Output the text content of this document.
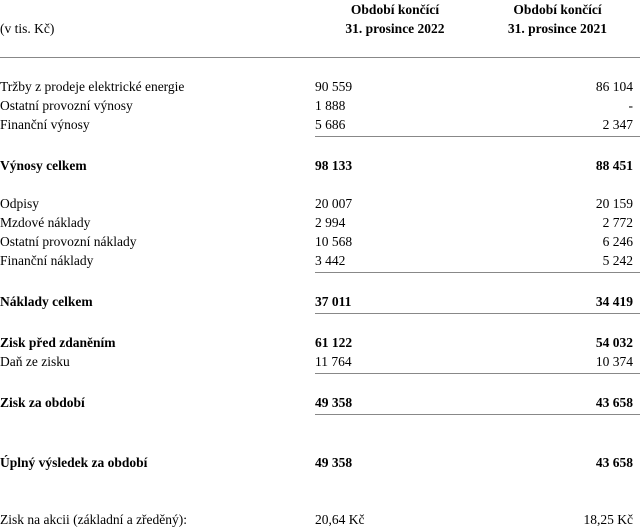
	Období končící	Období končící
(v tis. Kč)	31. prosince 2022	31. prosince 2021

Tržby z prodeje elektrické energie	90 559	86 104
Ostatní provozní výnosy	1 888	-
Finanční výnosy	5 686	2 347

Výnosy celkem	98 133	88 451

Odpisy	20 007	20 159
Mzdové náklady	2 994	2 772
Ostatní provozní náklady	10 568	6 246
Finanční náklady	3 442	5 242

Náklady celkem	37 011	34 419

Zisk před zdaněním	61 122	54 032
Daň ze zisku	11 764	10 374

Zisk za období	49 358	43 658

Úplný výsledek za období	49 358	43 658

Zisk na akcii (základní a zředěný):	20,64 Kč	18,25 Kč
